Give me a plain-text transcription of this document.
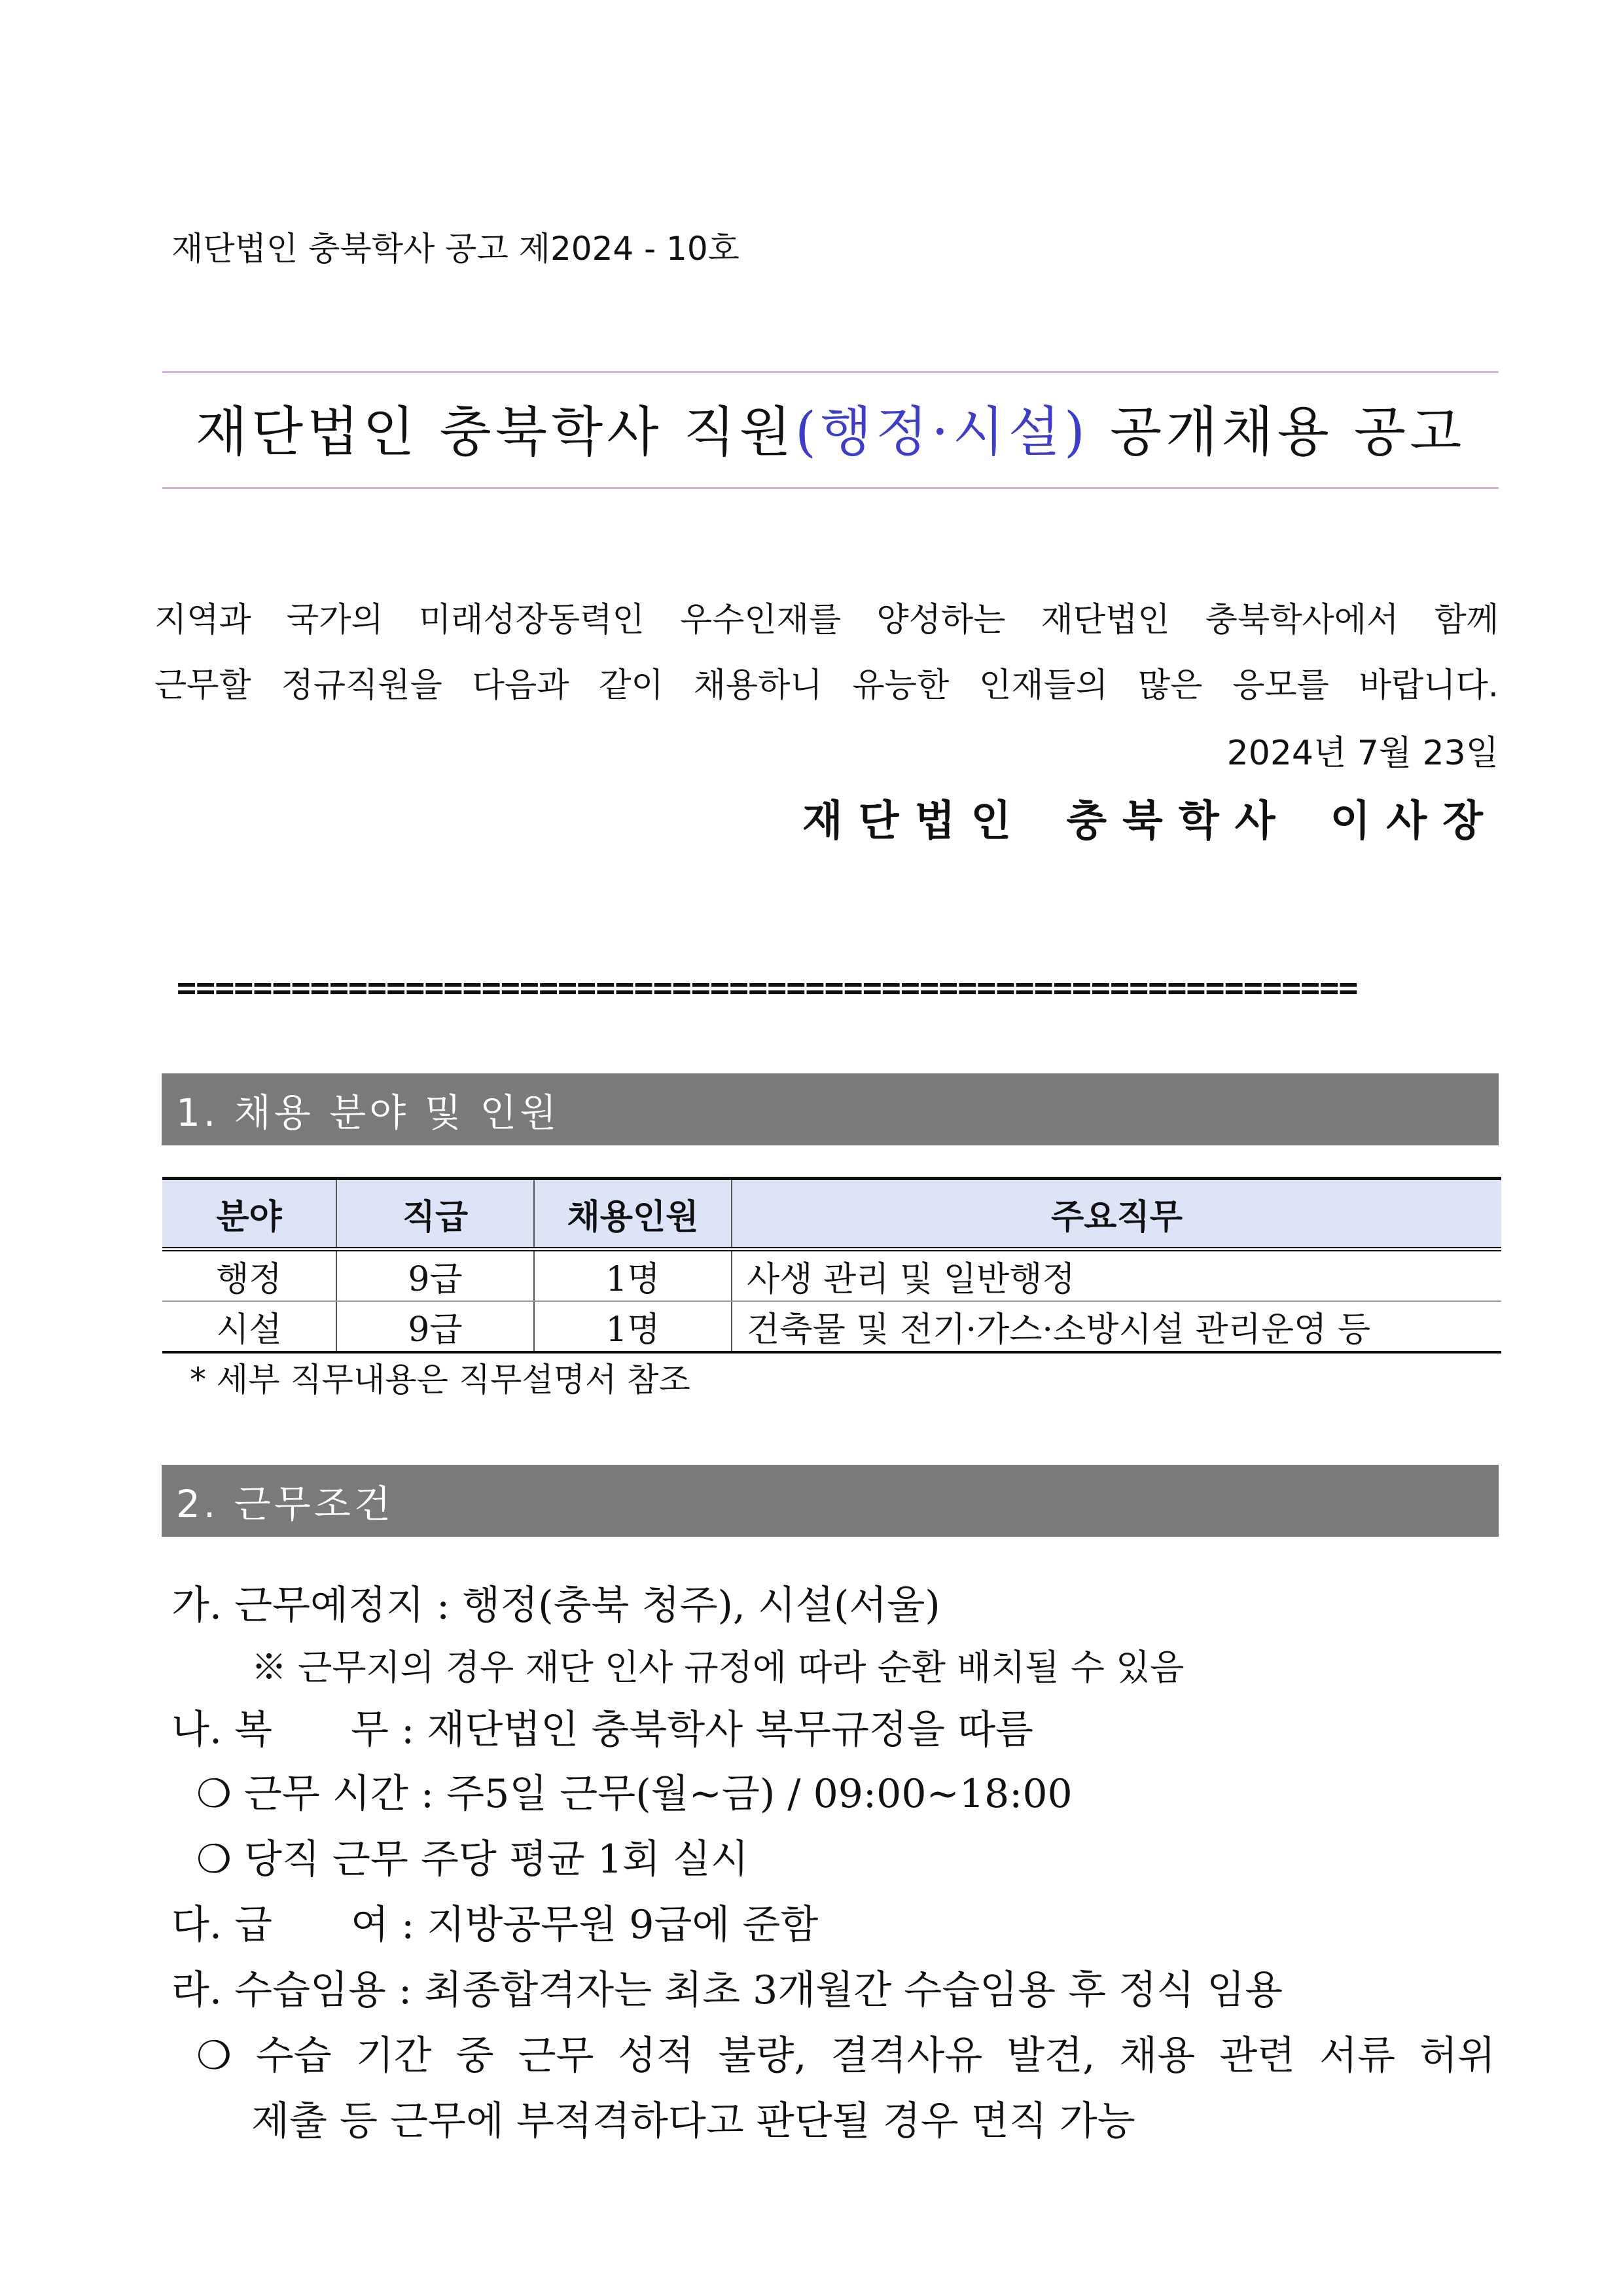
재단법인 충북학사 공고 제2024 - 10호
재단법인 충북학사 직원(행정·시설) 공개채용 공고
지역과 국가의 미래성장동력인 우수인재를 양성하는 재단법인 충북학사에서 함께
근무할 정규직원을 다음과 같이 채용하니 유능한 인재들의 많은 응모를 바랍니다.
2024년 7월 23일
재단법인 충북학사 이사장
==============================================================
1. 채용 분야 및 인원
분야	직급	채용인원	주요직무
행정	9급	1명	사생 관리 및 일반행정
시설	9급	1명	건축물 및 전기·가스·소방시설 관리운영 등
* 세부 직무내용은 직무설명서 참조
2. 근무조건
가. 근무예정지 : 행정(충북 청주), 시설(서울)
※ 근무지의 경우 재단 인사 규정에 따라 순환 배치될 수 있음
나. 복　　무 : 재단법인 충북학사 복무규정을 따름
❍ 근무 시간 : 주5일 근무(월~금) / 09:00~18:00
❍ 당직 근무 주당 평균 1회 실시
다. 급　　여 : 지방공무원 9급에 준함
라. 수습임용 : 최종합격자는 최초 3개월간 수습임용 후 정식 임용
❍ 수습 기간 중 근무 성적 불량, 결격사유 발견, 채용 관련 서류 허위
제출 등 근무에 부적격하다고 판단될 경우 면직 가능
